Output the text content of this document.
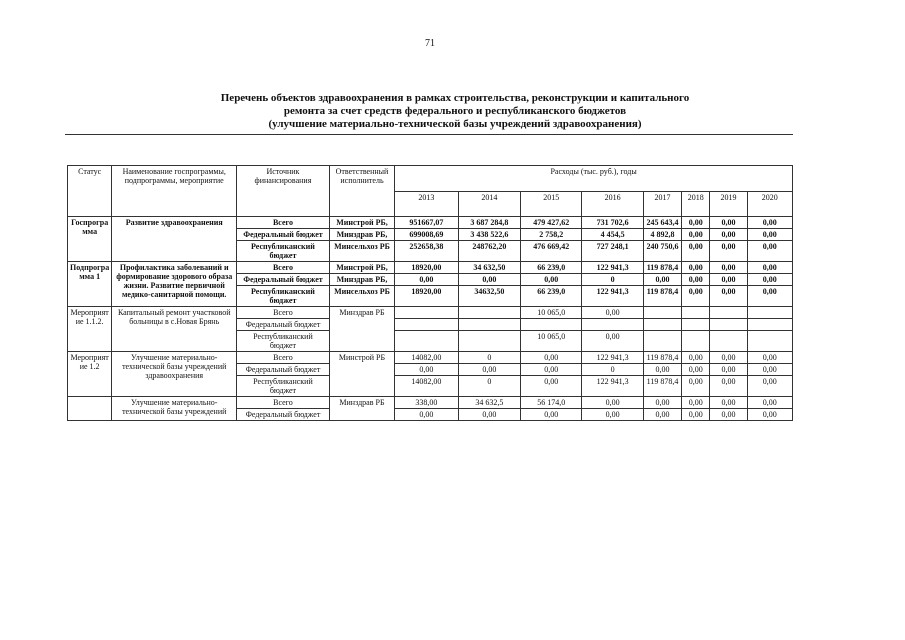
71
Перечень объектов здравоохранения в рамках строительства, реконструкции и капитального
ремонта за счет средств федерального и республиканского бюджетов
(улучшение материально-технической базы учреждений здравоохранения)
Статус	Наименование госпрограммы, подпрограммы, мероприятие	Источник финансирования	Ответственный исполнитель	Расходы (тыс. руб.), годы							
				2013	2014	2015	2016	2017	2018	2019	2020
Госпрограмма	Развитие здравоохранения	Всего	Минстрой РБ,	951667,07	3 687 284,8	479 427,62	731 702,6	245 643,4	0,00	0,00	0,00
		Федеральный бюджет	Минздрав РБ,	699008,69	3 438 522,6	2 758,2	4 454,5	4 892,8	0,00	0,00	0,00
		Республиканский бюджет	Минсельхоз РБ	252658,38	248762,20	476 669,42	727 248,1	240 750,6	0,00	0,00	0,00
Подпрограмма 1	Профилактика заболеваний и формирование здорового образа жизни. Развитие первичной медико-санитарной помощи.	Всего	Минстрой РБ,	18920,00	34 632,50	66 239,0	122 941,3	119 878,4	0,00	0,00	0,00
		Федеральный бюджет	Минздрав РБ,	0,00	0,00	0,00	0	0,00	0,00	0,00	0,00
		Республиканский бюджет	Минсельхоз РБ	18920,00	34632,50	66 239,0	122 941,3	119 878,4	0,00	0,00	0,00
Мероприятие 1.1.2.	Капитальный ремонт участковой больницы в с.Новая Брянь	Всего	Минздрав РБ			10 065,0	0,00				
		Федеральный бюджет									
		Республиканский бюджет				10 065,0	0,00				
Мероприятие 1.2	Улучшение материально-технической базы учреждений здравоохранения	Всего	Минстрой РБ	14082,00	0	0,00	122 941,3	119 878,4	0,00	0,00	0,00
		Федеральный бюджет		0,00	0,00	0,00	0	0,00	0,00	0,00	0,00
		Республиканский бюджет		14082,00	0	0,00	122 941,3	119 878,4	0,00	0,00	0,00
	Улучшение материально-технической базы учреждений	Всего	Минздрав РБ	338,00	34 632,5	56 174,0	0,00	0,00	0,00	0,00	0,00
		Федеральный бюджет		0,00	0,00	0,00	0,00	0,00	0,00	0,00	0,00
